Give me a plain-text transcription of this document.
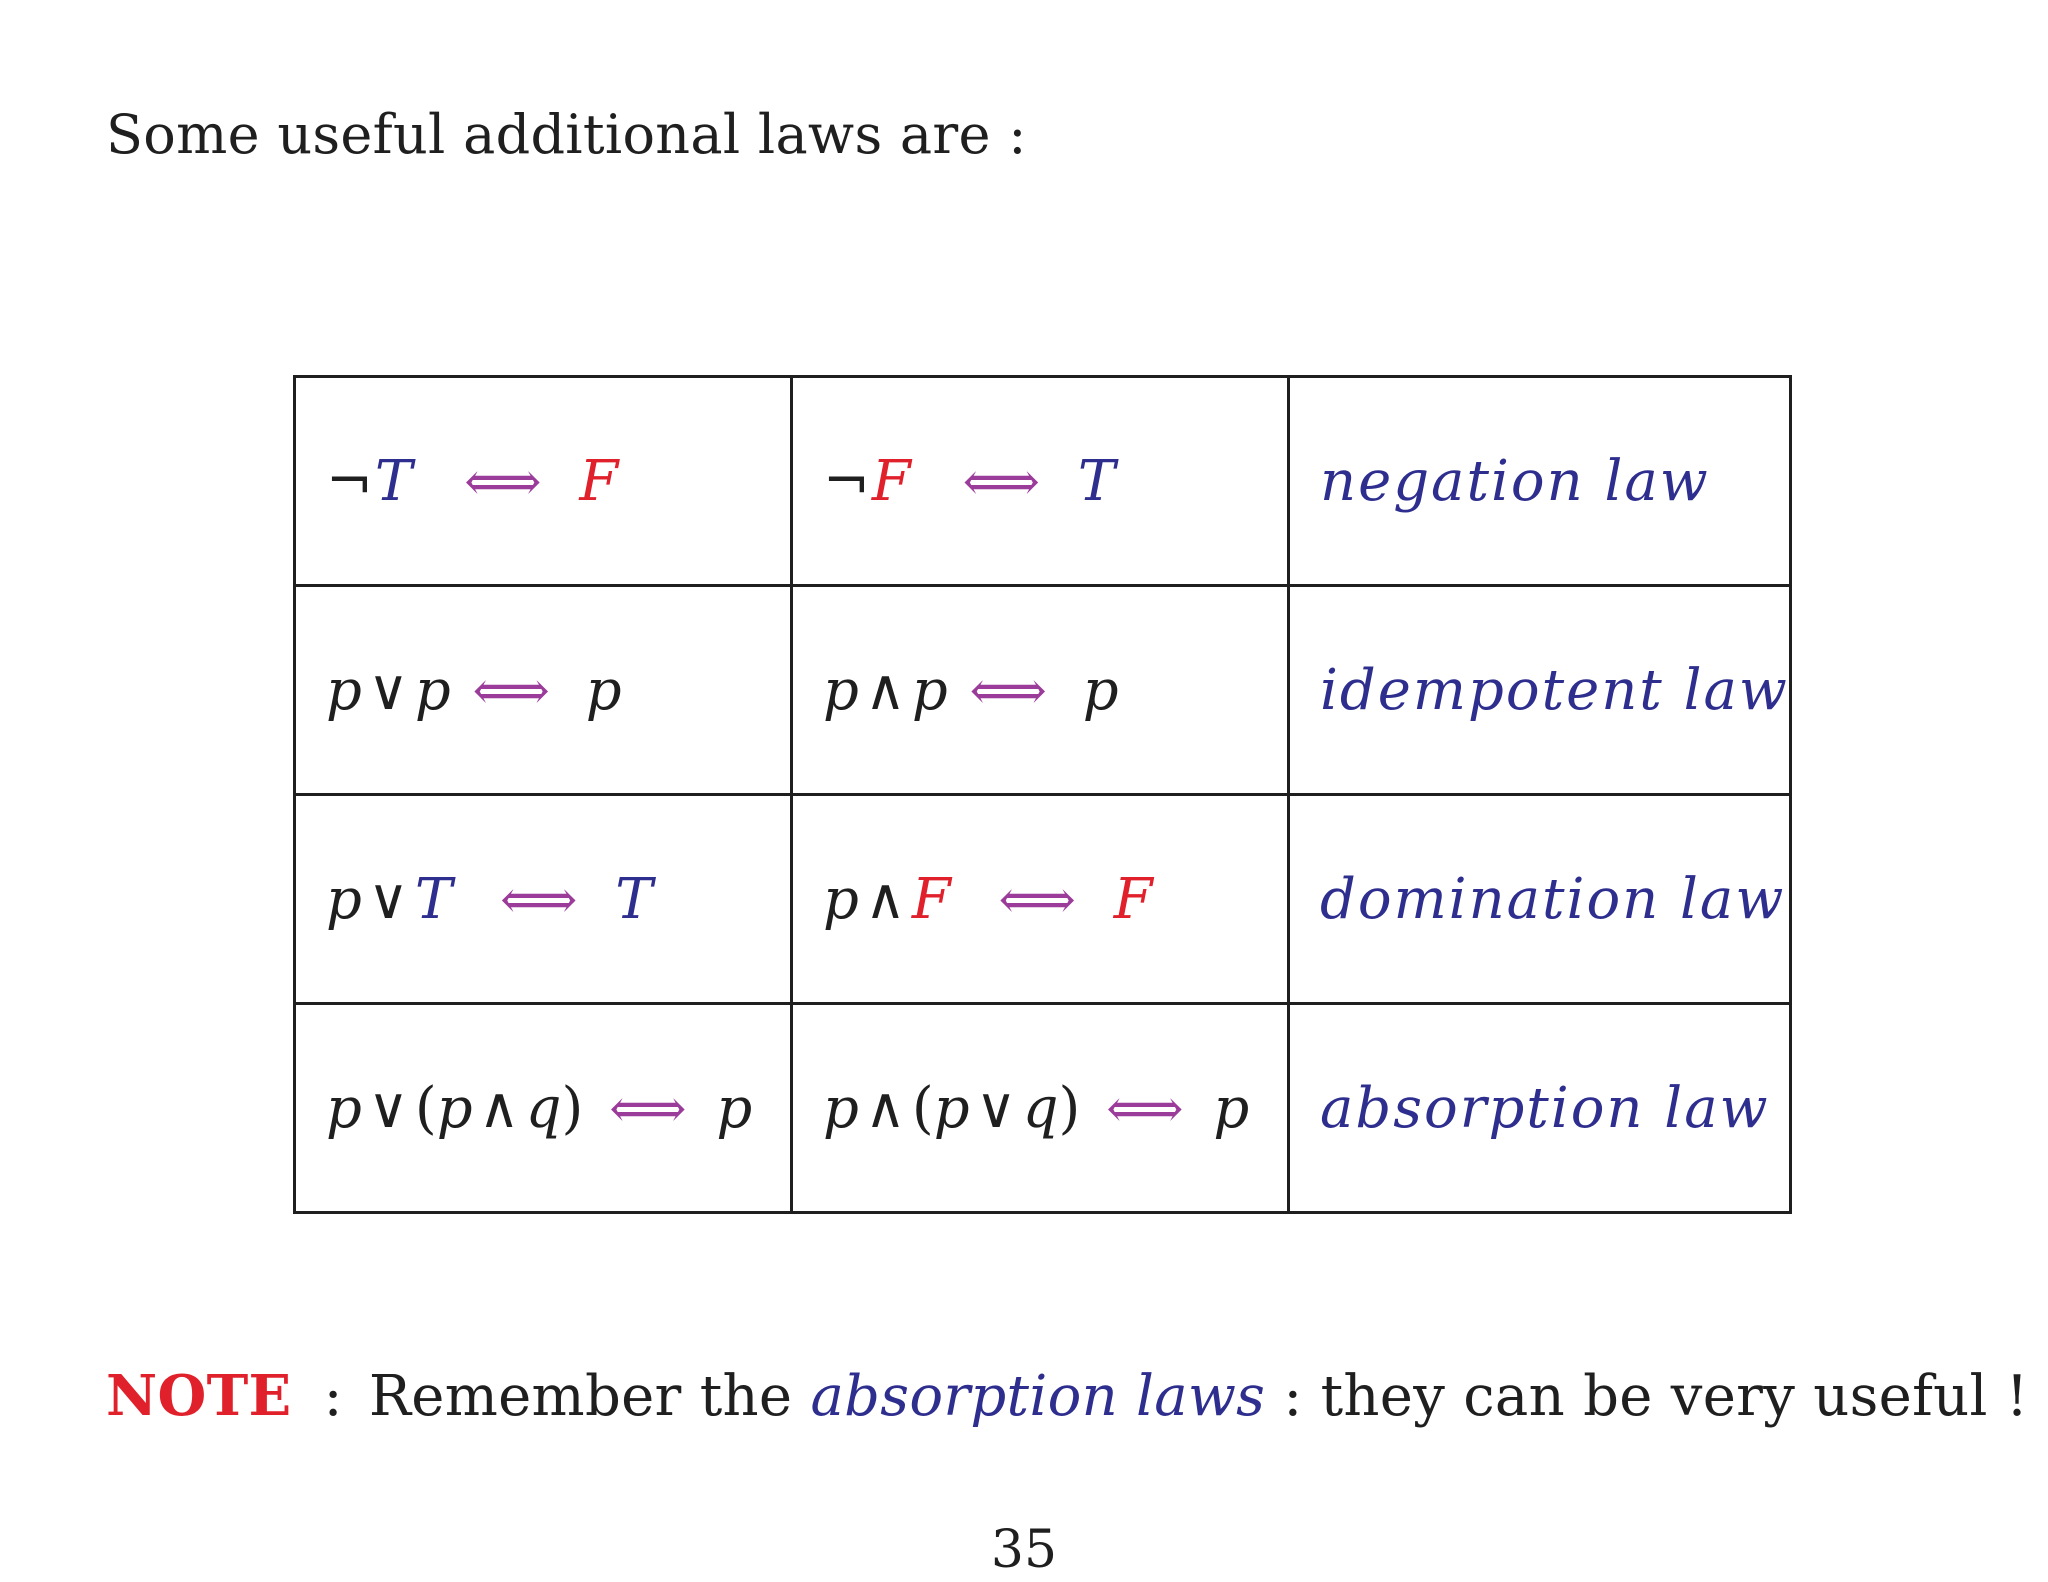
Some useful additional laws are :
¬T ⟺ F	¬F ⟺ T	negation law
p ∨ p ⟺ p	p ∧ p ⟺ p	idempotent law
p ∨ T ⟺ T	p ∧ F ⟺ F	domination law
p ∨ (p ∧ q) ⟺ p	p ∧ (p ∨ q) ⟺ p	absorption law
NOTE : Remember the absorption laws : they can be very useful !
35
